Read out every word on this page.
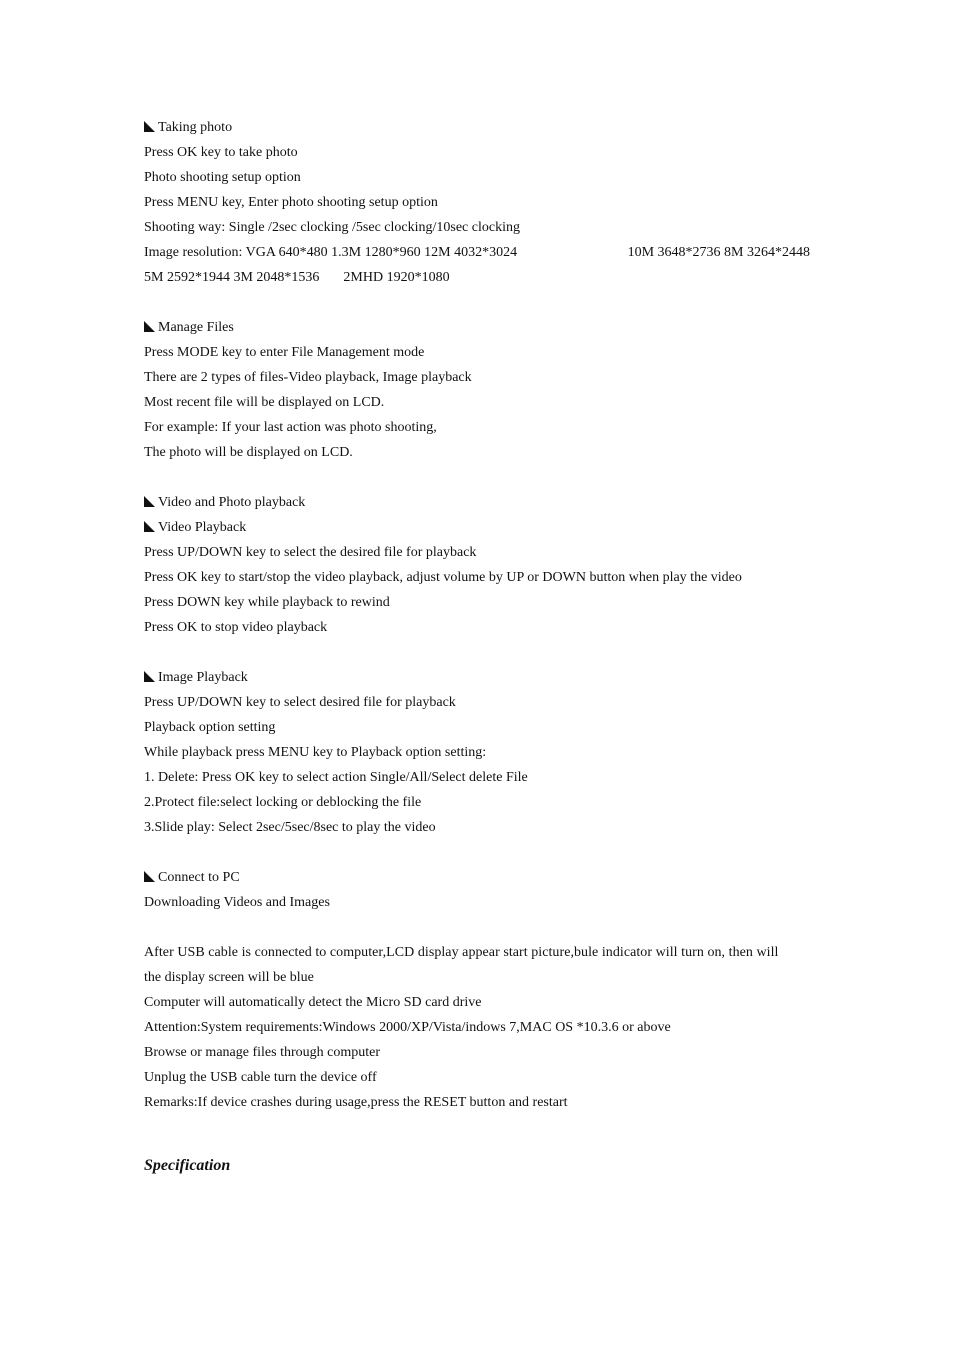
Taking photo
Press OK key to take photo
Photo shooting setup option
Press MENU key, Enter photo shooting setup option
Shooting way: Single /2sec clocking /5sec clocking/10sec clocking
Image resolution: VGA 640*480 1.3M 1280*960 12M 4032*3024	10M 3648*2736 8M 3264*2448
5M 2592*1944 3M 2048*1536 2MHD 1920*1080
Manage Files
Press MODE key to enter File Management mode
There are 2 types of files-Video playback, Image playback
Most recent file will be displayed on LCD.
For example: If your last action was photo shooting,
The photo will be displayed on LCD.
Video and Photo playback
Video Playback
Press UP/DOWN key to select the desired file for playback
Press OK key to start/stop the video playback, adjust volume by UP or DOWN button when play the video
Press DOWN key while playback to rewind
Press OK to stop video playback
Image Playback
Press UP/DOWN key to select desired file for playback
Playback option setting
While playback press MENU key to Playback option setting:
1. Delete: Press OK key to select action Single/All/Select delete File
2.Protect file:select locking or deblocking the file
3.Slide play: Select 2sec/5sec/8sec to play the video
Connect to PC
Downloading Videos and Images
After USB cable is connected to computer,LCD display appear start picture,bule indicator will turn on, then will
the display screen will be blue
Computer will automatically detect the Micro SD card drive
Attention:System requirements:Windows 2000/XP/Vista/indows 7,MAC OS *10.3.6 or above
Browse or manage files through computer
Unplug the USB cable turn the device off
Remarks:If device crashes during usage,press the RESET button and restart
Specification
